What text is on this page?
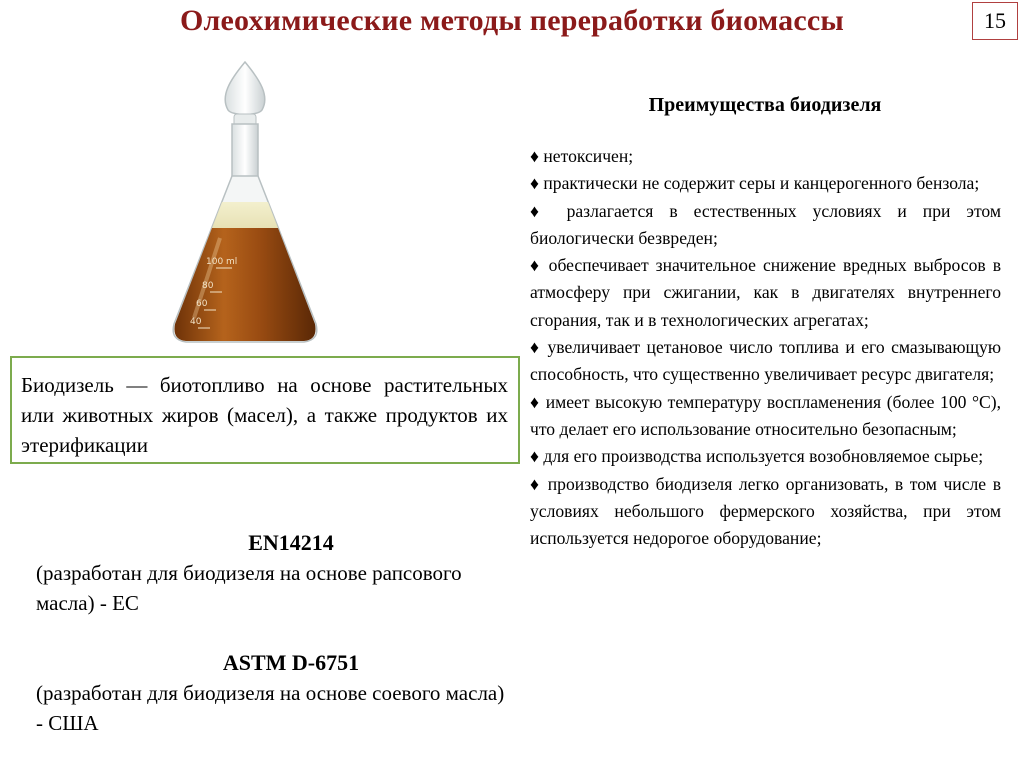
Олеохимические методы переработки биомассы	15
100 ml
80
60
40
Биодизель — биотопливо на основе растительных или животных жиров (масел), а также продуктов их этерификации
EN14214
(разработан для биодизеля на основе рапсового масла) - ЕС
ASTM D-6751
(разработан для биодизеля на основе соевого масла) - США
Преимущества биодизеля
♦ нетоксичен;
♦ практически не содержит серы и канцерогенного бензола;
♦ разлагается в естественных условиях и при этом биологически безвреден;
♦ обеспечивает значительное снижение вредных выбросов в атмосферу при сжигании, как в двигателях внутреннего сгорания, так и в технологических агрегатах;
♦ увеличивает цетановое число топлива и его смазывающую способность, что существенно увеличивает ресурс двигателя;
♦ имеет высокую температуру воспламенения (более 100 °C), что делает его использование относительно безопасным;
♦ для его производства используется возобновляемое сырье;
♦ производство биодизеля легко организовать, в том числе в условиях небольшого фермерского хозяйства, при этом используется недорогое оборудование;
